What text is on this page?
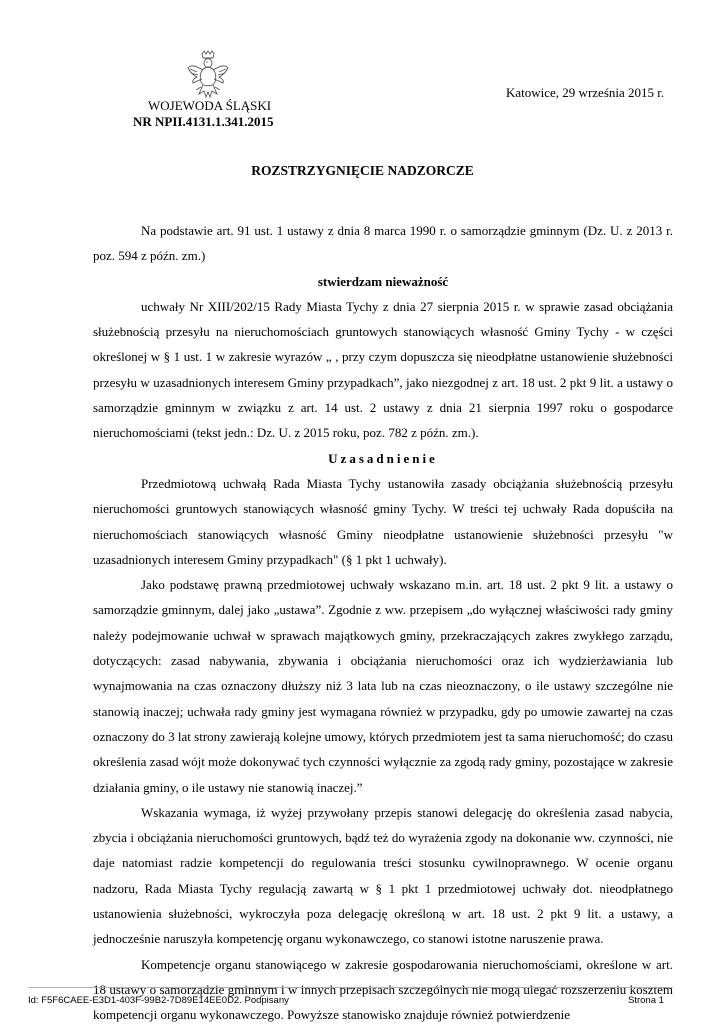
Katowice, 29 września 2015 r.
WOJEWODA ŚLĄSKI
NR NPII.4131.1.341.2015
ROZSTRZYGNIĘCIE NADZORCZE

Na podstawie art. 91 ust. 1 ustawy z dnia 8 marca 1990 r. o samorządzie gminnym (Dz. U. z 2013 r. poz. 594 z późn. zm.)

stwierdzam nieważność

uchwały Nr XIII/202/15 Rady Miasta Tychy z dnia 27 sierpnia 2015 r. w sprawie zasad obciążania służebnością przesyłu na nieruchomościach gruntowych stanowiących własność Gminy Tychy - w części określonej w § 1 ust. 1 w zakresie wyrazów „ , przy czym dopuszcza się nieodpłatne ustanowienie służebności przesyłu w uzasadnionych interesem Gminy przypadkach”, jako niezgodnej z art. 18 ust. 2 pkt 9 lit. a ustawy o samorządzie gminnym w związku z art. 14 ust. 2 ustawy z dnia 21 sierpnia 1997 roku o gospodarce nieruchomościami (tekst jedn.: Dz. U. z 2015 roku, poz. 782 z późn. zm.).

Uzasadnienie

Przedmiotową uchwałą Rada Miasta Tychy ustanowiła zasady obciążania służebnością przesyłu nieruchomości gruntowych stanowiących własność gminy Tychy. W treści tej uchwały Rada dopuściła na nieruchomościach stanowiących własność Gminy nieodpłatne ustanowienie służebności przesyłu "w uzasadnionych interesem Gminy przypadkach" (§ 1 pkt 1 uchwały).

Jako podstawę prawną przedmiotowej uchwały wskazano m.in. art. 18 ust. 2 pkt 9 lit. a ustawy o samorządzie gminnym, dalej jako „ustawa”. Zgodnie z ww. przepisem „do wyłącznej właściwości rady gminy należy podejmowanie uchwał w sprawach majątkowych gminy, przekraczających zakres zwykłego zarządu, dotyczących: zasad nabywania, zbywania i obciążania nieruchomości oraz ich wydzierżawiania lub wynajmowania na czas oznaczony dłuższy niż 3 lata lub na czas nieoznaczony, o ile ustawy szczególne nie stanowią inaczej; uchwała rady gminy jest wymagana również w przypadku, gdy po umowie zawartej na czas oznaczony do 3 lat strony zawierają kolejne umowy, których przedmiotem jest ta sama nieruchomość; do czasu określenia zasad wójt może dokonywać tych czynności wyłącznie za zgodą rady gminy, pozostające w zakresie działania gminy, o ile ustawy nie stanowią inaczej.”

Wskazania wymaga, iż wyżej przywołany przepis stanowi delegację do określenia zasad nabycia, zbycia i obciążania nieruchomości gruntowych, bądź też do wyrażenia zgody na dokonanie ww. czynności, nie daje natomiast radzie kompetencji do regulowania treści stosunku cywilnoprawnego. W ocenie organu nadzoru, Rada Miasta Tychy regulacją zawartą w § 1 pkt 1 przedmiotowej uchwały dot. nieodpłatnego ustanowienia służebności, wykroczyła poza delegację określoną w art. 18 ust. 2 pkt 9 lit. a ustawy, a jednocześnie naruszyła kompetencję organu wykonawczego, co stanowi istotne naruszenie prawa.

Kompetencje organu stanowiącego w zakresie gospodarowania nieruchomościami, określone w art. 18 ustawy o samorządzie gminnym i w innych przepisach szczególnych nie mogą ulegać rozszerzeniu kosztem kompetencji organu wykonawczego. Powyższe stanowisko znajduje również potwierdzenie

Id: F5F6CAEE-E3D1-403F-99B2-7D89E14EE0D2. Podpisany	Strona 1
